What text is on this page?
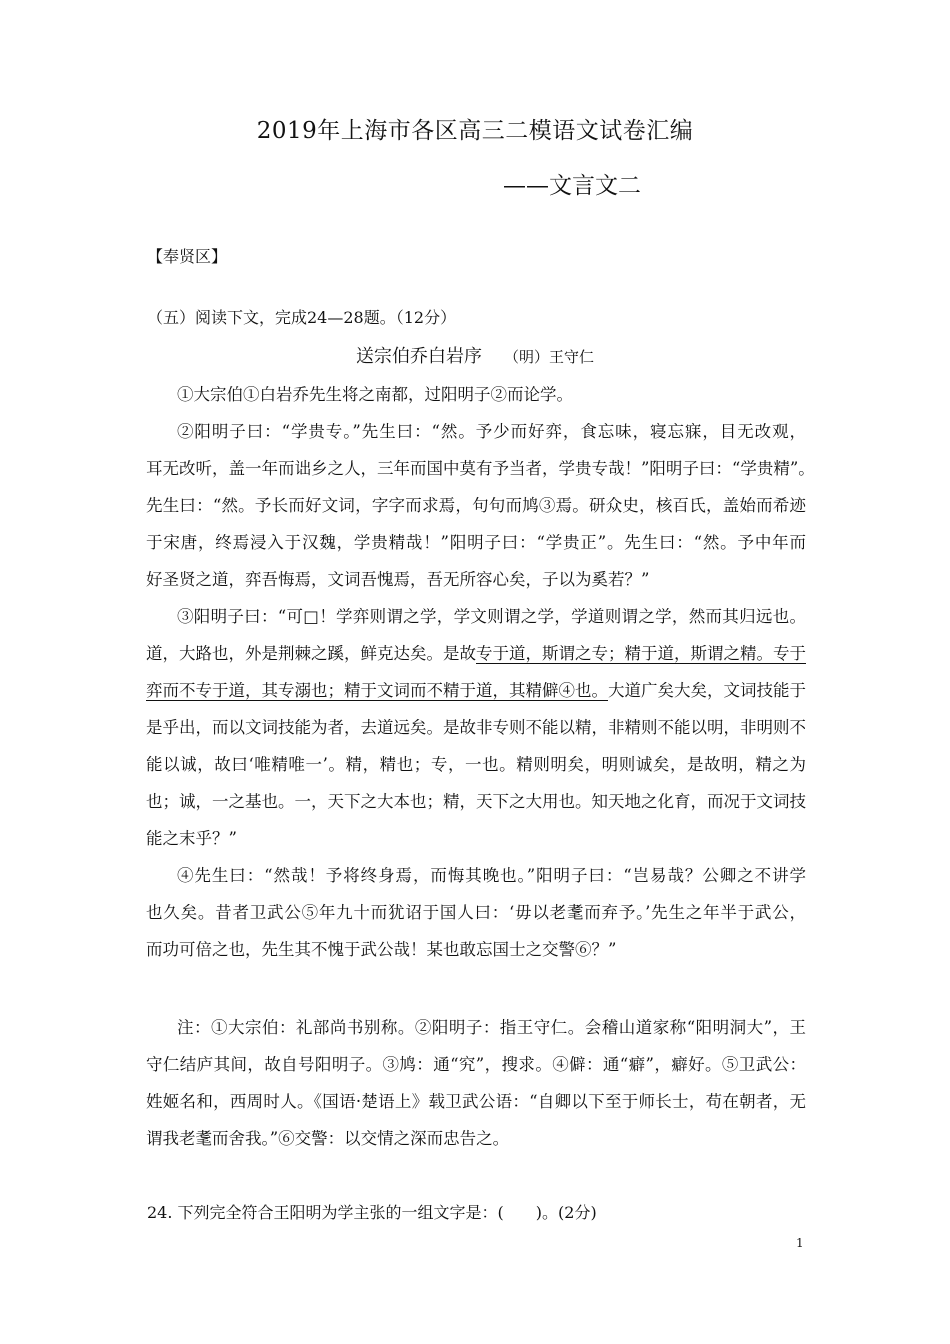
2019年上海市各区高三二模语文试卷汇编
——文言文二
【奉贤区】
（五）阅读下文，完成24—28题。（12分）
送宗伯乔白岩序 （明）王守仁
①大宗伯①白岩乔先生将之南都，过阳明子②而论学。
②阳明子曰：“学贵专。”先生曰：“然。予少而好弈，食忘味，寝忘寐，目无改观，
耳无改听，盖一年而诎乡之人，三年而国中莫有予当者，学贵专哉！”阳明子曰：“学贵精”。
先生曰：“然。予长而好文词，字字而求焉，句句而鸠③焉。研众史，核百氏，盖始而希迹
于宋唐，终焉浸入于汉魏，学贵精哉！”阳明子曰：“学贵正”。先生曰：“然。予中年而
好圣贤之道，弈吾悔焉，文词吾愧焉，吾无所容心矣，子以为奚若？”
③阳明子曰：“可□！学弈则谓之学，学文则谓之学，学道则谓之学，然而其归远也。
道，大路也，外是荆棘之蹊，鲜克达矣。是故专于道，斯谓之专；精于道，斯谓之精。专于
弈而不专于道，其专溺也；精于文词而不精于道，其精僻④也。大道广矣大矣，文词技能于
是乎出，而以文词技能为者，去道远矣。是故非专则不能以精，非精则不能以明，非明则不
能以诚，故曰‘唯精唯一’。精，精也；专，一也。精则明矣，明则诚矣，是故明，精之为
也；诚，一之基也。一，天下之大本也；精，天下之大用也。知天地之化育，而况于文词技
能之末乎？”
④先生曰：“然哉！予将终身焉，而悔其晚也。”阳明子曰：“岂易哉？公卿之不讲学
也久矣。昔者卫武公⑤年九十而犹诏于国人曰：‘毋以老耄而弃予。’先生之年半于武公，
而功可倍之也，先生其不愧于武公哉！某也敢忘国士之交警⑥？”
注：①大宗伯：礼部尚书别称。②阳明子：指王守仁。会稽山道家称“阳明洞大”，王
守仁结庐其间，故自号阳明子。③鸠：通“究”，搜求。④僻：通“癖”，癖好。⑤卫武公：
姓姬名和，西周时人。《国语·楚语上》载卫武公语：“自卿以下至于师长士，苟在朝者，无
谓我老耄而舍我。”⑥交警：以交情之深而忠告之。
24. 下列完全符合王阳明为学主张的一组文字是：(　　)。(2分)
1
